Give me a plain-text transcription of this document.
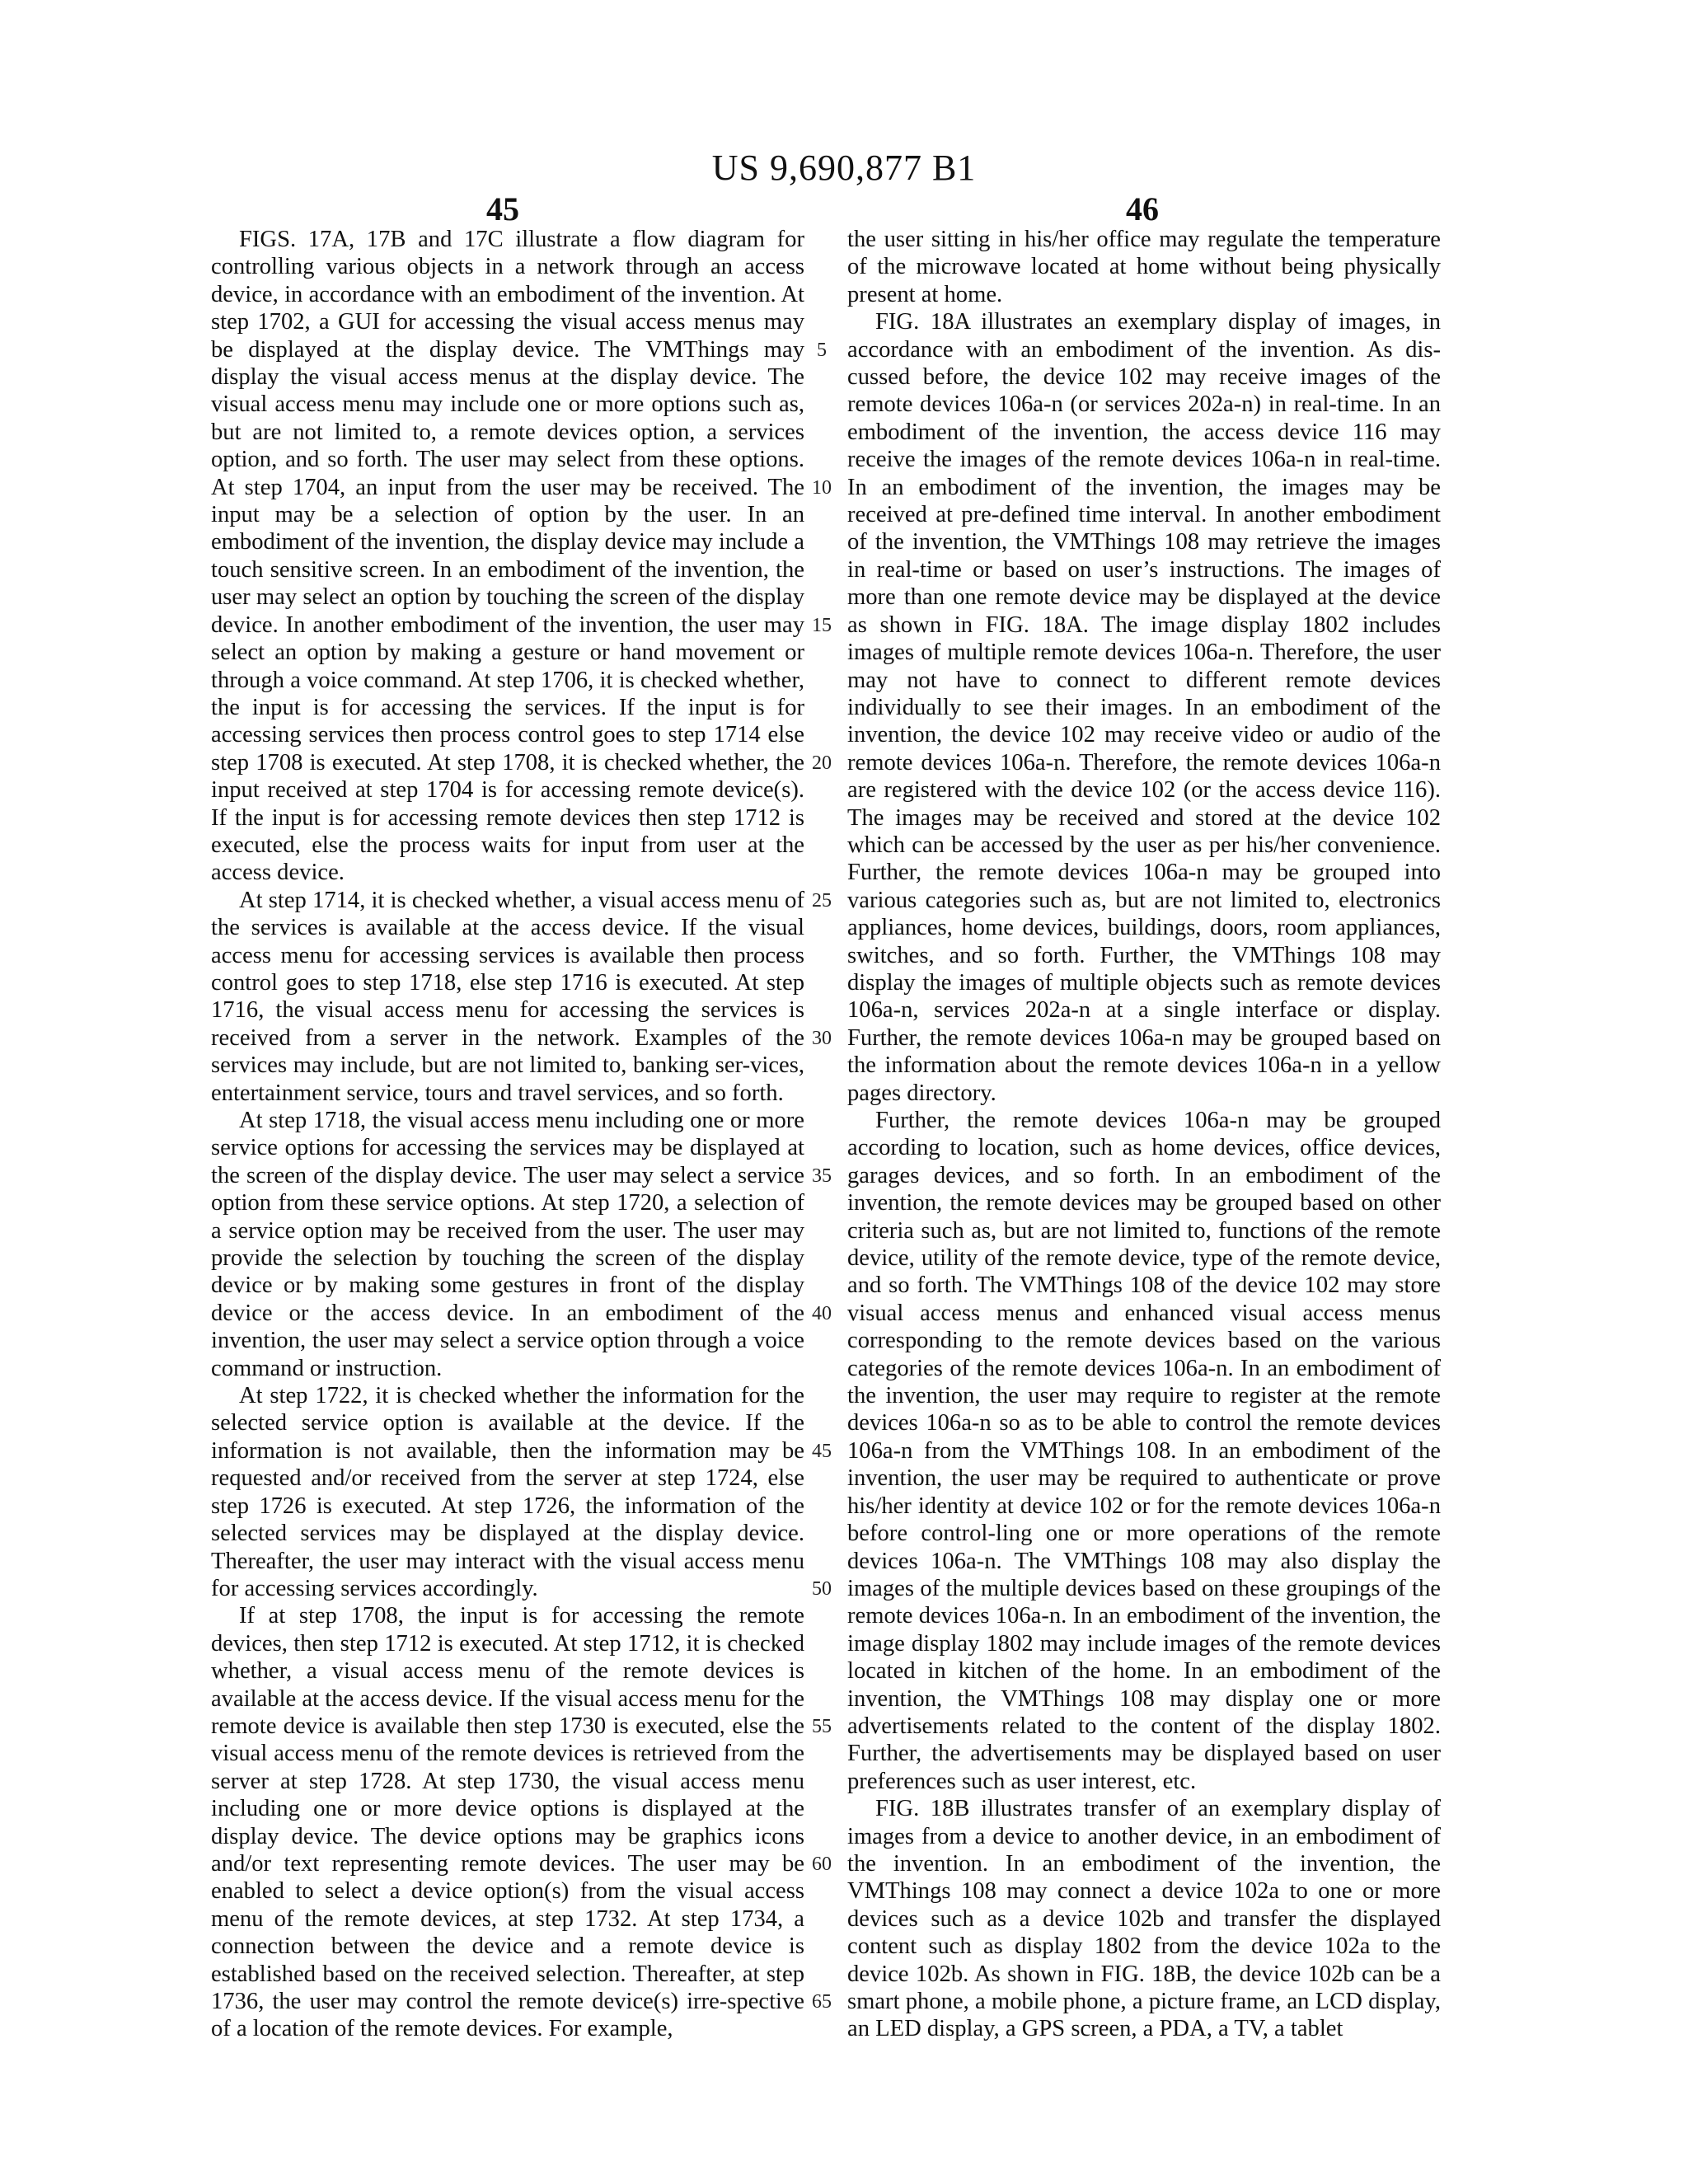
US 9,690,877 B1
45	46

FIGS. 17A, 17B and 17C illustrate a flow diagram for controlling various objects in a network through an access device, in accordance with an embodiment of the invention. At step 1702, a GUI for accessing the visual access menus may be displayed at the display device. The VMThings may display the visual access menus at the display device. The visual access menu may include one or more options such as, but are not limited to, a remote devices option, a services option, and so forth. The user may select from these options. At step 1704, an input from the user may be received. The input may be a selection of option by the user. In an embodiment of the invention, the display device may include a touch sensitive screen. In an embodiment of the invention, the user may select an option by touching the screen of the display device. In another embodiment of the invention, the user may select an option by making a gesture or hand movement or through a voice command. At step 1706, it is checked whether, the input is for accessing the services. If the input is for accessing services then process control goes to step 1714 else step 1708 is executed. At step 1708, it is checked whether, the input received at step 1704 is for accessing remote device(s). If the input is for accessing remote devices then step 1712 is executed, else the process waits for input from user at the access device.

At step 1714, it is checked whether, a visual access menu of the services is available at the access device. If the visual access menu for accessing services is available then process control goes to step 1718, else step 1716 is executed. At step 1716, the visual access menu for accessing the services is received from a server in the network. Examples of the services may include, but are not limited to, banking ser-vices, entertainment service, tours and travel services, and so forth.

At step 1718, the visual access menu including one or more service options for accessing the services may be displayed at the screen of the display device. The user may select a service option from these service options. At step 1720, a selection of a service option may be received from the user. The user may provide the selection by touching the screen of the display device or by making some gestures in front of the display device or the access device. In an embodiment of the invention, the user may select a service option through a voice command or instruction.

At step 1722, it is checked whether the information for the selected service option is available at the device. If the information is not available, then the information may be requested and/or received from the server at step 1724, else step 1726 is executed. At step 1726, the information of the selected services may be displayed at the display device. Thereafter, the user may interact with the visual access menu for accessing services accordingly.

If at step 1708, the input is for accessing the remote devices, then step 1712 is executed. At step 1712, it is checked whether, a visual access menu of the remote devices is available at the access device. If the visual access menu for the remote device is available then step 1730 is executed, else the visual access menu of the remote devices is retrieved from the server at step 1728. At step 1730, the visual access menu including one or more device options is displayed at the display device. The device options may be graphics icons and/or text representing remote devices. The user may be enabled to select a device option(s) from the visual access menu of the remote devices, at step 1732. At step 1734, a connection between the device and a remote device is established based on the received selection. Thereafter, at step 1736, the user may control the remote device(s) irre-spective of a location of the remote devices. For example,

the user sitting in his/her office may regulate the temperature of the microwave located at home without being physically present at home.

FIG. 18A illustrates an exemplary display of images, in accordance with an embodiment of the invention. As dis-cussed before, the device 102 may receive images of the remote devices 106a-n (or services 202a-n) in real-time. In an embodiment of the invention, the access device 116 may receive the images of the remote devices 106a-n in real-time. In an embodiment of the invention, the images may be received at pre-defined time interval. In another embodiment of the invention, the VMThings 108 may retrieve the images in real-time or based on user’s instructions. The images of more than one remote device may be displayed at the device as shown in FIG. 18A. The image display 1802 includes images of multiple remote devices 106a-n. Therefore, the user may not have to connect to different remote devices individually to see their images. In an embodiment of the invention, the device 102 may receive video or audio of the remote devices 106a-n. Therefore, the remote devices 106a-n are registered with the device 102 (or the access device 116). The images may be received and stored at the device 102 which can be accessed by the user as per his/her convenience. Further, the remote devices 106a-n may be grouped into various categories such as, but are not limited to, electronics appliances, home devices, buildings, doors, room appliances, switches, and so forth. Further, the VMThings 108 may display the images of multiple objects such as remote devices 106a-n, services 202a-n at a single interface or display. Further, the remote devices 106a-n may be grouped based on the information about the remote devices 106a-n in a yellow pages directory.

Further, the remote devices 106a-n may be grouped according to location, such as home devices, office devices, garages devices, and so forth. In an embodiment of the invention, the remote devices may be grouped based on other criteria such as, but are not limited to, functions of the remote device, utility of the remote device, type of the remote device, and so forth. The VMThings 108 of the device 102 may store visual access menus and enhanced visual access menus corresponding to the remote devices based on the various categories of the remote devices 106a-n. In an embodiment of the invention, the user may require to register at the remote devices 106a-n so as to be able to control the remote devices 106a-n from the VMThings 108. In an embodiment of the invention, the user may be required to authenticate or prove his/her identity at device 102 or for the remote devices 106a-n before control-ling one or more operations of the remote devices 106a-n. The VMThings 108 may also display the images of the multiple devices based on these groupings of the remote devices 106a-n. In an embodiment of the invention, the image display 1802 may include images of the remote devices located in kitchen of the home. In an embodiment of the invention, the VMThings 108 may display one or more advertisements related to the content of the display 1802. Further, the advertisements may be displayed based on user preferences such as user interest, etc.

FIG. 18B illustrates transfer of an exemplary display of images from a device to another device, in an embodiment of the invention. In an embodiment of the invention, the VMThings 108 may connect a device 102a to one or more devices such as a device 102b and transfer the displayed content such as display 1802 from the device 102a to the device 102b. As shown in FIG. 18B, the device 102b can be a smart phone, a mobile phone, a picture frame, an LCD display, an LED display, a GPS screen, a PDA, a TV, a tablet

5
10
15
20
25
30
35
40
45
50
55
60
65
